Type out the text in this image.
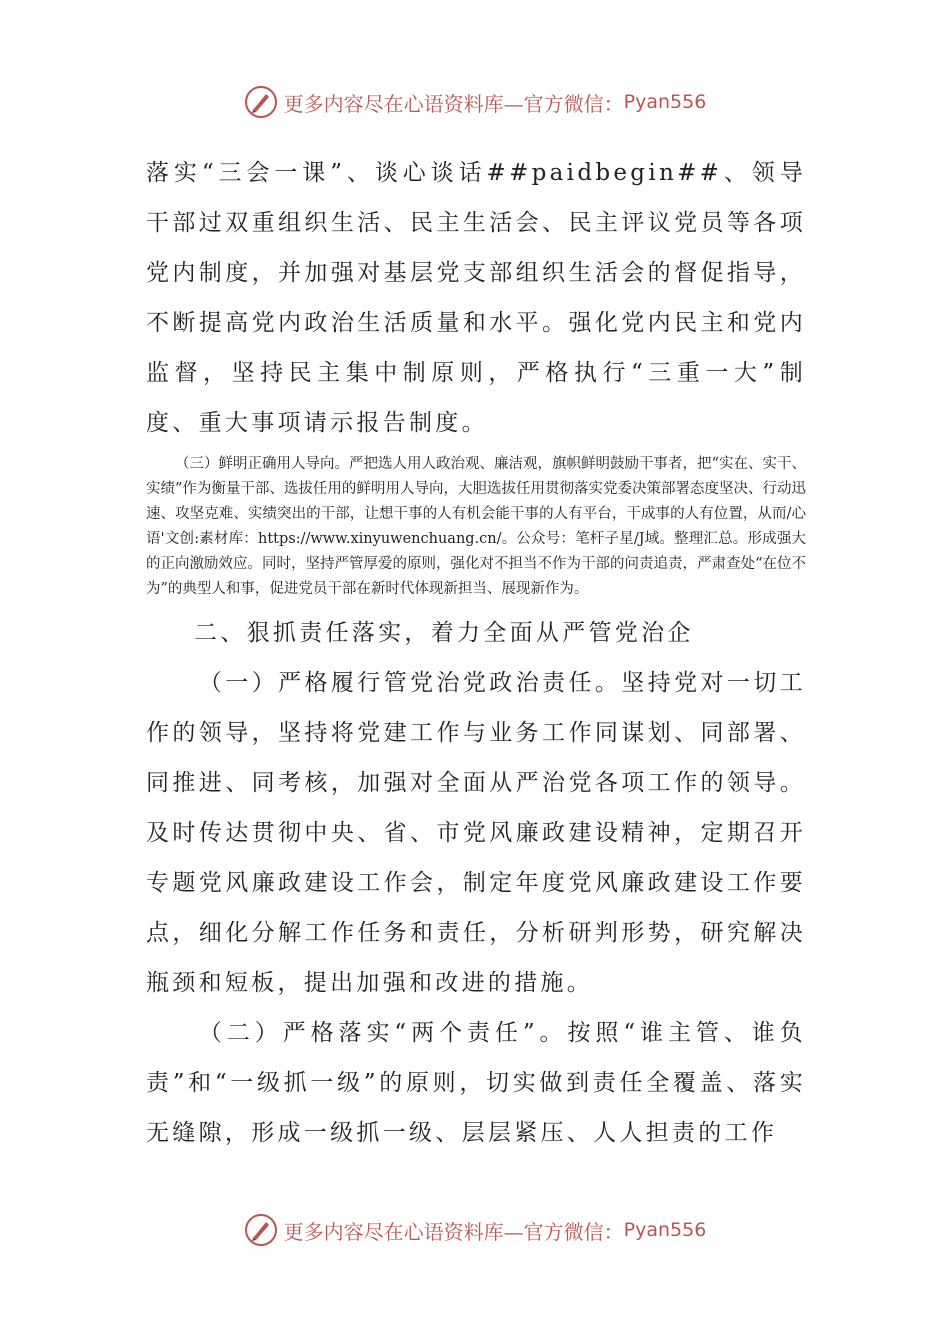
更多内容尽在心语资料库—官方微信： Pyan556

落实“三会一课”、谈心谈话##paidbegin##、领导干部过双重组织生活、民主生活会、民主评议党员等各项党内制度，并加强对基层党支部组织生活会的督促指导，不断提高党内政治生活质量和水平。强化党内民主和党内监督，坚持民主集中制原则，严格执行“三重一大”制度、重大事项请示报告制度。

（三）鲜明正确用人导向。严把选人用人政治观、廉洁观，旗帜鲜明鼓励干事者，把“实在、实干、实绩”作为衡量干部、选拔任用的鲜明用人导向，大胆选拔任用贯彻落实党委决策部署态度坚决、行动迅速、攻坚克难、实绩突出的干部，让想干事的人有机会能干事的人有平台，干成事的人有位置，从而/心语'文创:素材库：https://www.xinyuwenchuang.cn/。公众号：笔杆子星/J域。整理汇总。形成强大的正向激励效应。同时，坚持严管厚爱的原则，强化对不担当不作为干部的问责追责，严肃查处“在位不为”的典型人和事，促进党员干部在新时代体现新担当、展现新作为。

二、狠抓责任落实，着力全面从严管党治企

（一）严格履行管党治党政治责任。坚持党对一切工作的领导，坚持将党建工作与业务工作同谋划、同部署、同推进、同考核，加强对全面从严治党各项工作的领导。及时传达贯彻中央、省、市党风廉政建设精神，定期召开专题党风廉政建设工作会，制定年度党风廉政建设工作要点，细化分解工作任务和责任，分析研判形势，研究解决瓶颈和短板，提出加强和改进的措施。

（二）严格落实“两个责任”。按照“谁主管、谁负责”和“一级抓一级”的原则，切实做到责任全覆盖、落实无缝隙，形成一级抓一级、层层紧压、人人担责的工作

更多内容尽在心语资料库—官方微信： Pyan556
